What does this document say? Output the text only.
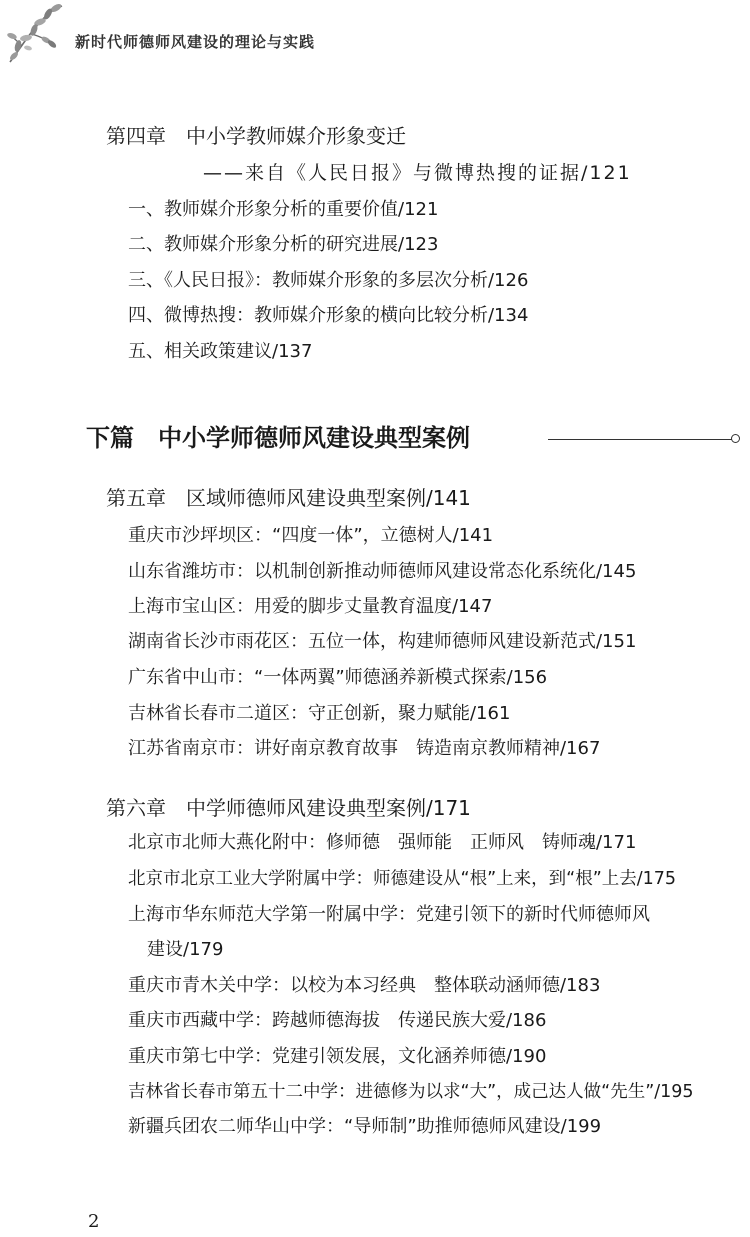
新时代师德师风建设的理论与实践
第四章　中小学教师媒介形象变迁
——来自《人民日报》与微博热搜的证据/121
一、教师媒介形象分析的重要价值/121
二、教师媒介形象分析的研究进展/123
三、《人民日报》：教师媒介形象的多层次分析/126
四、微博热搜：教师媒介形象的横向比较分析/134
五、相关政策建议/137
下篇　中小学师德师风建设典型案例
第五章　区域师德师风建设典型案例/141
重庆市沙坪坝区：“四度一体”，立德树人/141
山东省潍坊市：以机制创新推动师德师风建设常态化系统化/145
上海市宝山区：用爱的脚步丈量教育温度/147
湖南省长沙市雨花区：五位一体，构建师德师风建设新范式/151
广东省中山市：“一体两翼”师德涵养新模式探索/156
吉林省长春市二道区：守正创新，聚力赋能/161
江苏省南京市：讲好南京教育故事　铸造南京教师精神/167
第六章　中学师德师风建设典型案例/171
北京市北师大燕化附中：修师德　强师能　正师风　铸师魂/171
北京市北京工业大学附属中学：师德建设从“根”上来，到“根”上去/175
上海市华东师范大学第一附属中学：党建引领下的新时代师德师风
建设/179
重庆市青木关中学：以校为本习经典　整体联动涵师德/183
重庆市西藏中学：跨越师德海拔　传递民族大爱/186
重庆市第七中学：党建引领发展，文化涵养师德/190
吉林省长春市第五十二中学：进德修为以求“大”，成己达人做“先生”/195
新疆兵团农二师华山中学：“导师制”助推师德师风建设/199
2
